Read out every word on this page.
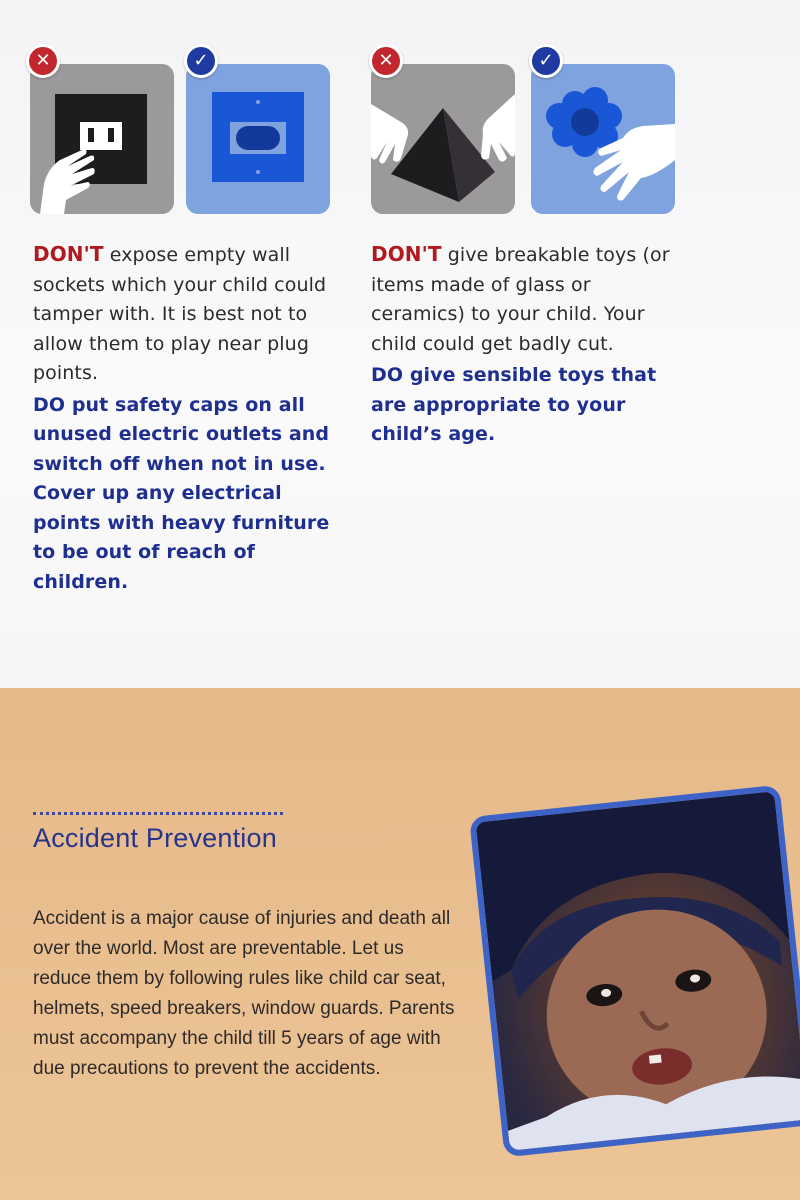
✕	✓	✕	✓
DON'T expose empty wall sockets which your child could tamper with. It is best not to allow them to play near plug points.
DO put safety caps on all unused electric outlets and switch off when not in use. Cover up any electrical points with heavy furniture to be out of reach of children.
DON'T give breakable toys (or items made of glass or ceramics) to your child. Your child could get badly cut.
DO give sensible toys that are appropriate to your child’s age.
Accident Prevention
Accident is a major cause of injuries and death all over the world. Most are preventable. Let us reduce them by following rules like child car seat, helmets, speed breakers, window guards. Parents must accompany the child till 5 years of age with due precautions to prevent the accidents.
